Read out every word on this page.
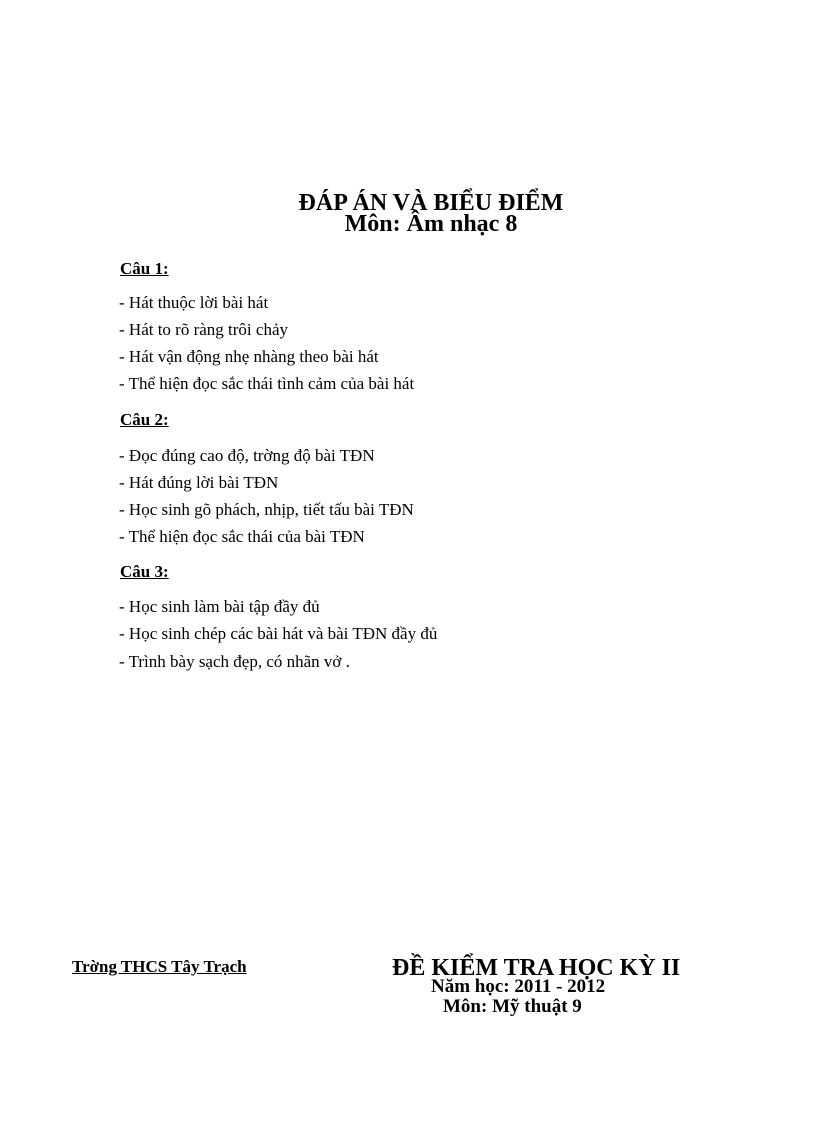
ĐÁP ÁN VÀ BIỂU ĐIỂM
Môn: Âm nhạc 8
Câu 1:
- Hát thuộc lời bài hát
- Hát to rõ ràng trôi chảy
- Hát vận động nhẹ nhàng theo bài hát
- Thể hiện đọc sắc thái tình cảm của bài hát
Câu 2:
- Đọc đúng cao độ, trờng độ bài TĐN
- Hát đúng lời bài TĐN
- Học sinh gõ phách, nhịp, tiết tấu bài TĐN
- Thể hiện đọc sắc thái của bài TĐN
Câu 3:
- Học sinh làm bài tập đầy đủ
- Học sinh chép các bài hát và bài TĐN đầy đủ
- Trình bày sạch đẹp, có nhãn vở .
Trờng THCS Tây Trạch	ĐỀ KIỂM TRA HỌC KỲ II
Năm học: 2011 - 2012
Môn: Mỹ thuật 9
